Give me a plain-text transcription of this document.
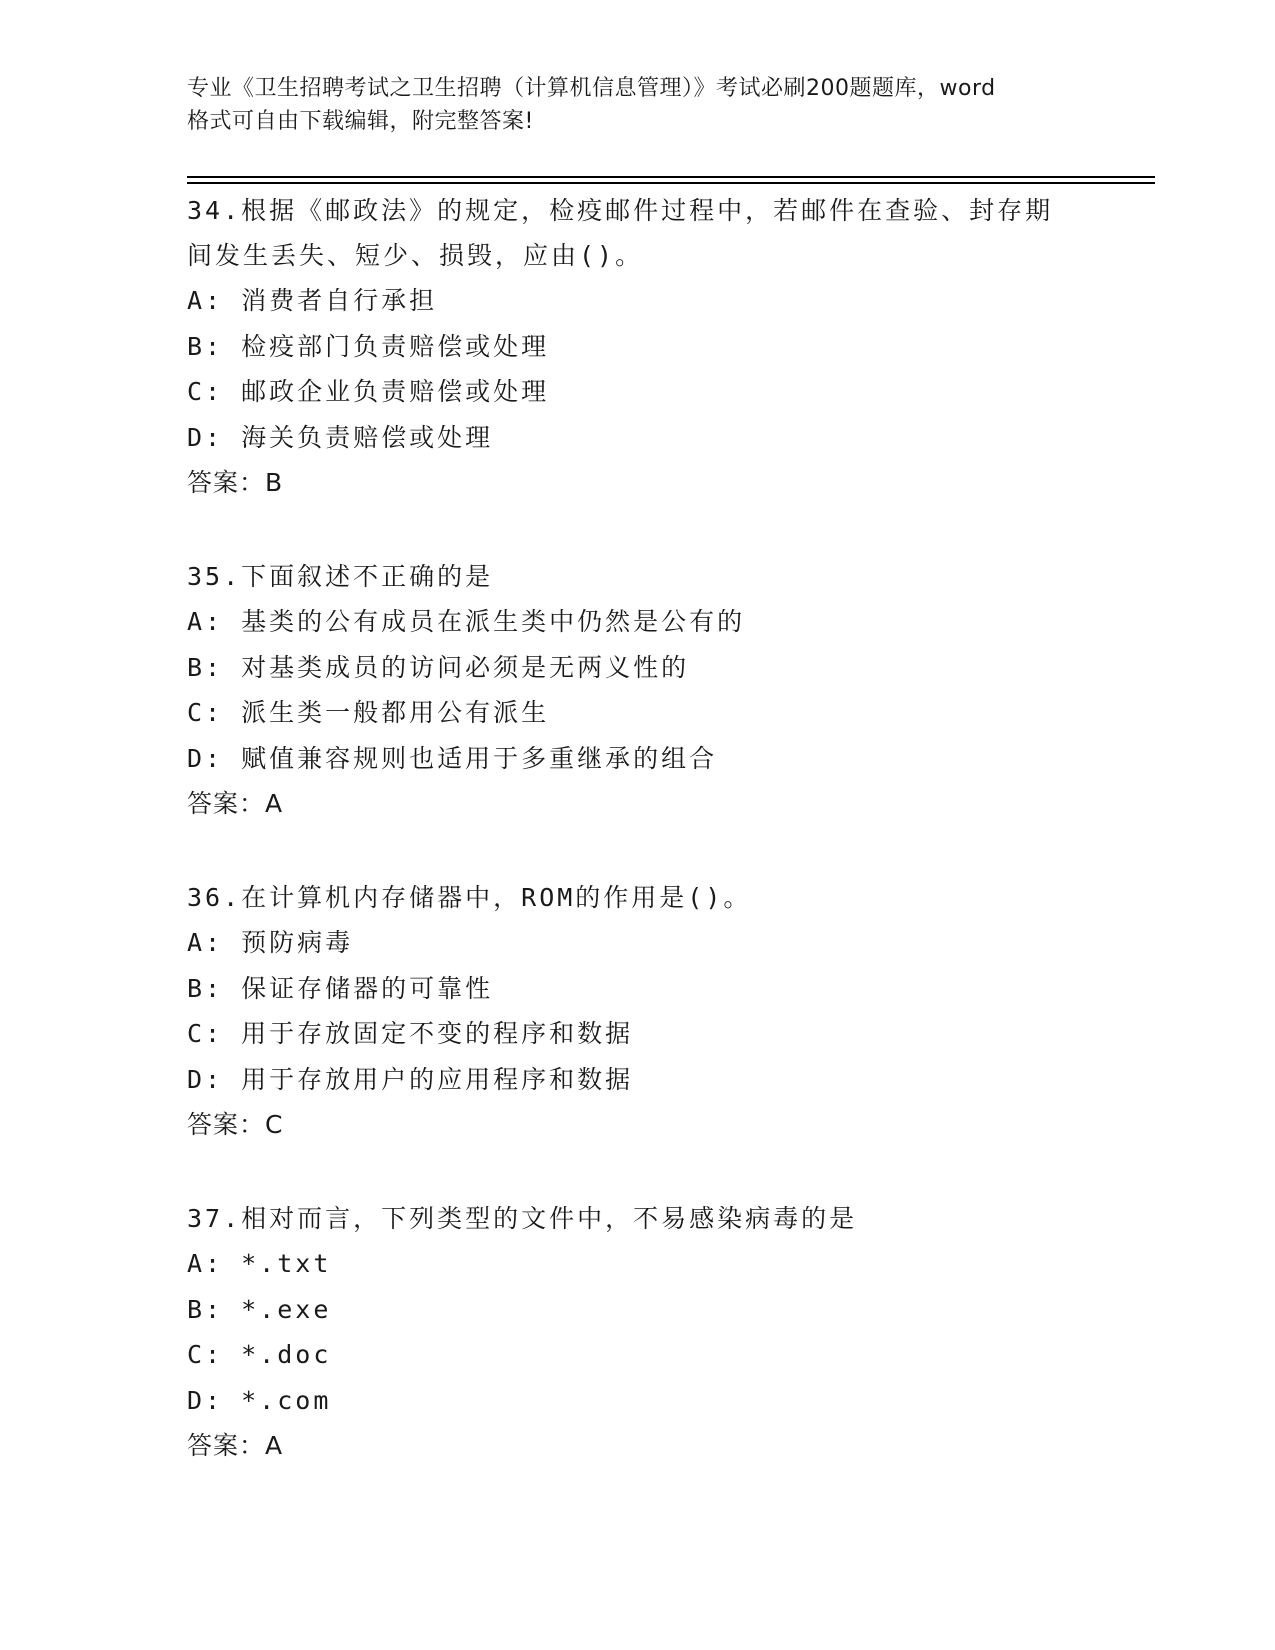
专业《卫生招聘考试之卫生招聘（计算机信息管理）》考试必刷200题题库，word
格式可自由下载编辑，附完整答案!
34.根据《邮政法》的规定，检疫邮件过程中，若邮件在查验、封存期
间发生丢失、短少、损毁，应由()。
A: 消费者自行承担
B: 检疫部门负责赔偿或处理
C: 邮政企业负责赔偿或处理
D: 海关负责赔偿或处理
答案：B
35.下面叙述不正确的是
A: 基类的公有成员在派生类中仍然是公有的
B: 对基类成员的访问必须是无两义性的
C: 派生类一般都用公有派生
D: 赋值兼容规则也适用于多重继承的组合
答案：A
36.在计算机内存储器中，ROM的作用是()。
A: 预防病毒
B: 保证存储器的可靠性
C: 用于存放固定不变的程序和数据
D: 用于存放用户的应用程序和数据
答案：C
37.相对而言，下列类型的文件中，不易感染病毒的是
A: *.txt
B: *.exe
C: *.doc
D: *.com
答案：A
